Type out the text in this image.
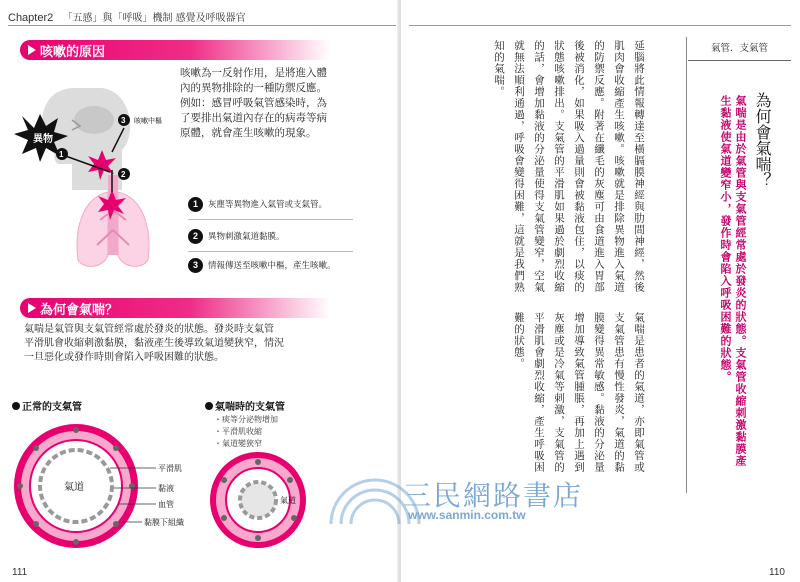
Chapter2 「五感」與「呼吸」機制 感覺及呼吸器官
咳嗽的原因
咳嗽為一反射作用，是將進入體
內的異物排除的一種防禦反應。
例如：感冒呼吸氣管感染時，為
了要排出氣道內存在的病毒等病
原體，就會產生咳嗽的現象。
異物
1
2
3 咳嗽中樞
1 灰塵等異物進入氣管或支氣管。
2 異物刺激氣道黏膜。
3 情報傳送至咳嗽中樞，產生咳嗽。
為何會氣喘？
氣喘是氣管與支氣管經常處於發炎的狀態。發炎時支氣管
平滑肌會收縮刺激黏膜，黏液產生後導致氣道變狹窄，情況
一旦惡化或發作時則會陷入呼吸困難的狀態。
正常的支氣管	氣喘時的支氣管
・痰等分泌物增加
・平滑肌收縮
・氣道變狹窄
氣道
氣道
平滑肌
黏液
血管
黏膜下組織
111
延腦將此情報轉達至橫膈膜神經與肋間神經，然後肌肉會收縮產生咳嗽。咳嗽就是排除異物進入氣道的防禦反應。附著在纖毛的灰塵可由食道進入胃部後被消化，如果吸入過量則會被黏液包住，以痰的狀態咳嗽排出。支氣管的平滑肌如果過於劇烈收縮的話，會增加黏液的分泌量使得支氣管變窄，空氣就無法順利通過，呼吸會變得困難，這就是我們熟知的氣喘。
氣喘是患者的氣道，亦即氣管或支氣管患有慢性發炎，氣道的黏膜變得異常敏感。黏液的分泌量增加導致氣管腫脹，再加上遇到灰塵或是冷氣等刺激，支氣管的平滑肌會劇烈收縮，產生呼吸困難的狀態。
氣管．支氣管
為何會氣喘？
氣喘是由於氣管與支氣管經常處於發炎的狀態。支氣管收縮刺激黏膜產生黏液使氣道變窄小，發作時會陷入呼吸困難的狀態。
110
三民網路書店
www.sanmin.com.tw
